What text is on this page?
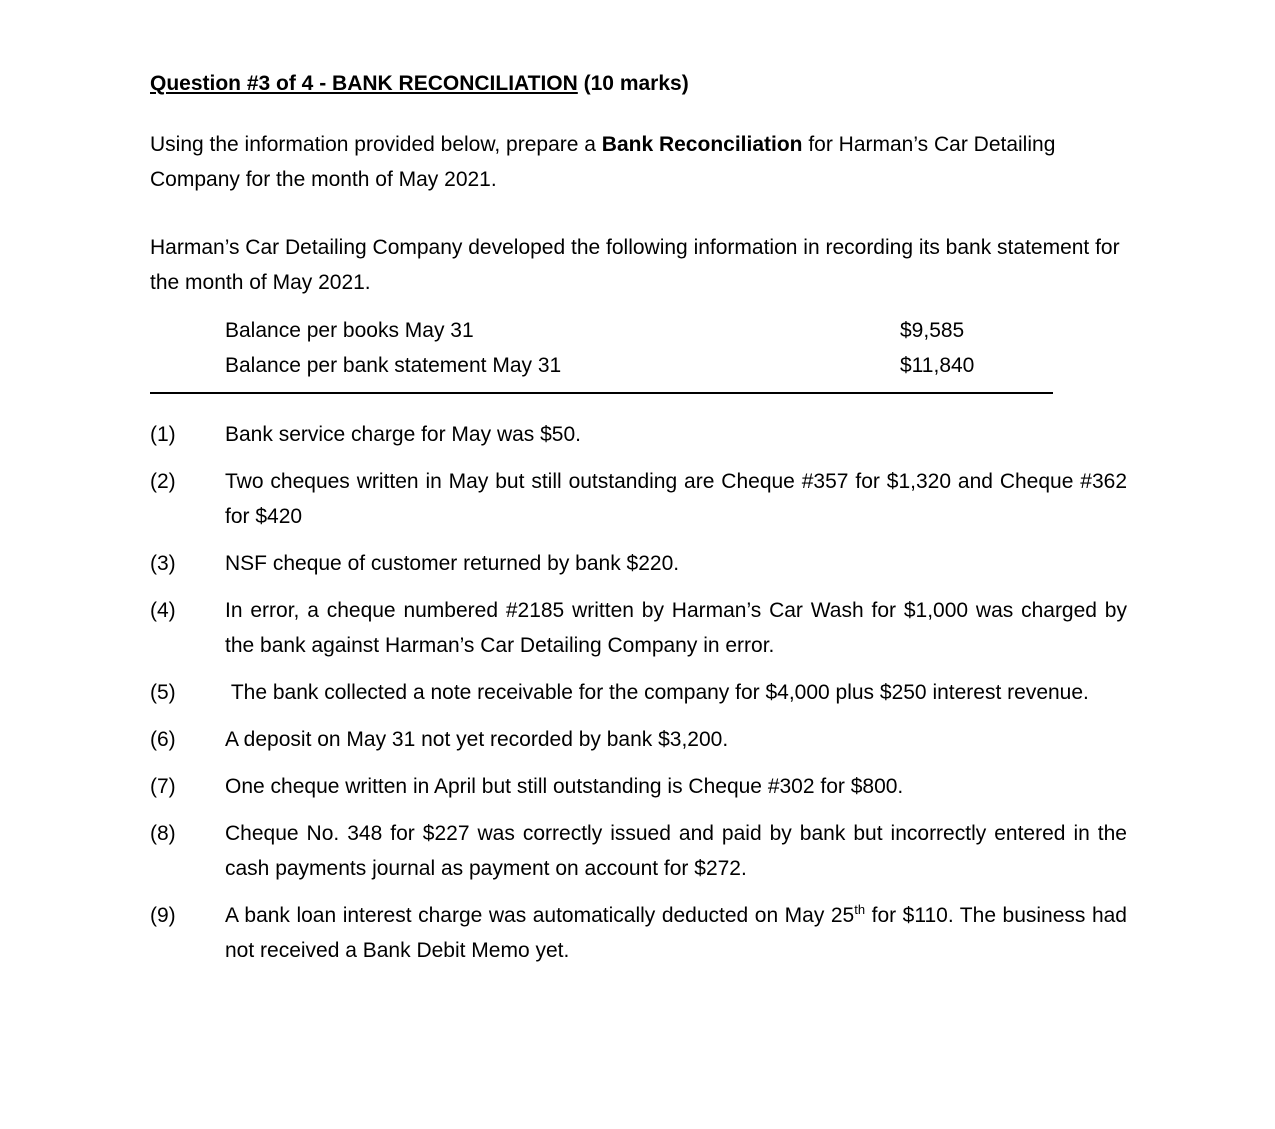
Question #3 of 4 - BANK RECONCILIATION (10 marks)

Using the information provided below, prepare a Bank Reconciliation for Harman’s Car Detailing Company for the month of May 2021.

Harman’s Car Detailing Company developed the following information in recording its bank statement for the month of May 2021.

Balance per books May 31	$9,585
Balance per bank statement May 31	$11,840
(1)	Bank service charge for May was $50.
(2)	Two cheques written in May but still outstanding are Cheque #357 for $1,320 and Cheque #362 for $420
(3)	NSF cheque of customer returned by bank $220.
(4)	In error, a cheque numbered #2185 written by Harman’s Car Wash for $1,000 was charged by the bank against Harman’s Car Detailing Company in error.
(5)	The bank collected a note receivable for the company for $4,000 plus $250 interest revenue.
(6)	A deposit on May 31 not yet recorded by bank $3,200.
(7)	One cheque written in April but still outstanding is Cheque #302 for $800.
(8)	Cheque No. 348 for $227 was correctly issued and paid by bank but incorrectly entered in the cash payments journal as payment on account for $272.
(9)	A bank loan interest charge was automatically deducted on May 25th for $110. The business had not received a Bank Debit Memo yet.
